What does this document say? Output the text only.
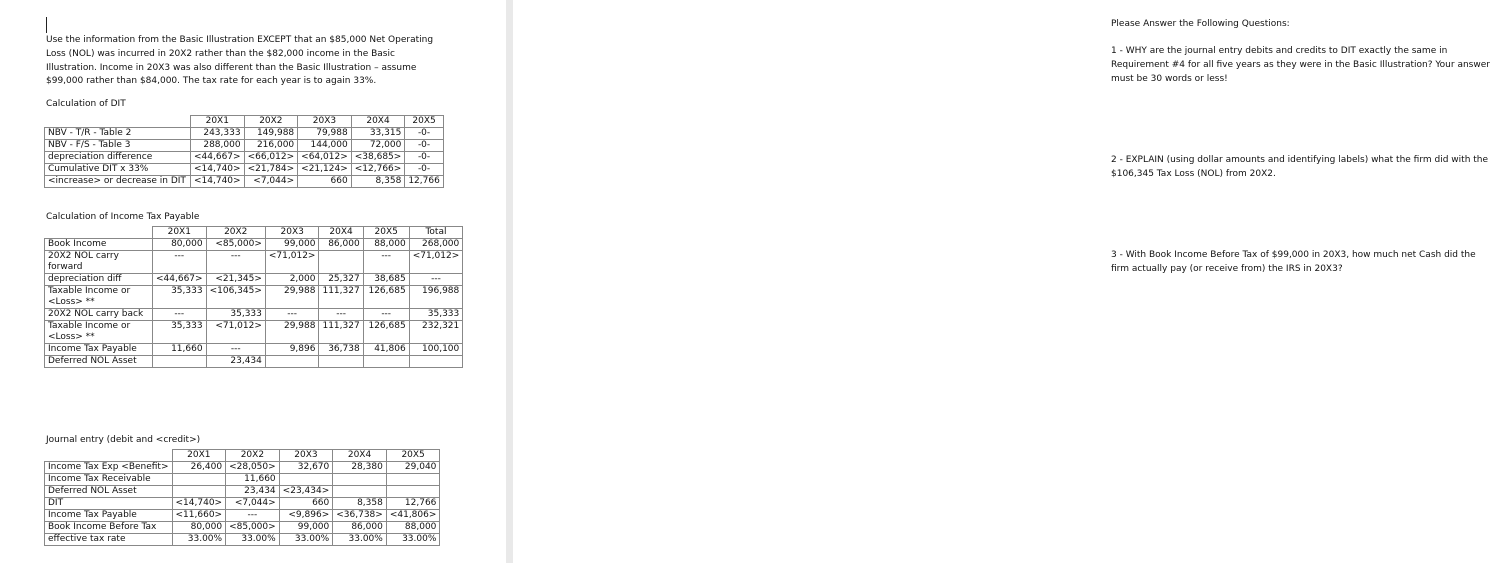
Use the information from the Basic Illustration EXCEPT that an $85,000 Net Operating Loss (NOL) was incurred in 20X2 rather than the $82,000 income in the Basic Illustration. Income in 20X3 was also different than the Basic Illustration – assume $99,000 rather than $84,000. The tax rate for each year is to again 33%.
Calculation of DIT
	20X1	20X2	20X3	20X4	20X5
NBV - T/R - Table 2	243,333	149,988	79,988	33,315	-0-
NBV - F/S - Table 3	288,000	216,000	144,000	72,000	-0-
depreciation difference	<44,667>	<66,012>	<64,012>	<38,685>	-0-
Cumulative DIT x 33%	<14,740>	<21,784>	<21,124>	<12,766>	-0-
<increase> or decrease in DIT	<14,740>	<7,044>	660	8,358	12,766
Calculation of Income Tax Payable
	20X1	20X2	20X3	20X4	20X5	Total
Book Income	80,000	<85,000>	99,000	86,000	88,000	268,000
20X2 NOL carry forward	---	---	<71,012>		---	<71,012>
depreciation diff	<44,667>	<21,345>	2,000	25,327	38,685	---
Taxable Income or <Loss> **	35,333	<106,345>	29,988	111,327	126,685	196,988
20X2 NOL carry back	---	35,333	---	---	---	35,333
Taxable Income or <Loss> **	35,333	<71,012>	29,988	111,327	126,685	232,321
Income Tax Payable	11,660	---	9,896	36,738	41,806	100,100
Deferred NOL Asset		23,434				
Journal entry (debit and <credit>)
	20X1	20X2	20X3	20X4	20X5
Income Tax Exp <Benefit>	26,400	<28,050>	32,670	28,380	29,040
Income Tax Receivable		11,660			
Deferred NOL Asset		23,434	<23,434>		
DIT	<14,740>	<7,044>	660	8,358	12,766
Income Tax Payable	<11,660>	---	<9,896>	<36,738>	<41,806>
Book Income Before Tax	80,000	<85,000>	99,000	86,000	88,000
effective tax rate	33.00%	33.00%	33.00%	33.00%	33.00%
Please Answer the Following Questions:
1 - WHY are the journal entry debits and credits to DIT exactly the same in Requirement #4 for all five years as they were in the Basic Illustration? Your answer must be 30 words or less!
2 - EXPLAIN (using dollar amounts and identifying labels) what the firm did with the $106,345 Tax Loss (NOL) from 20X2.
3 - With Book Income Before Tax of $99,000 in 20X3, how much net Cash did the firm actually pay (or receive from) the IRS in 20X3?
